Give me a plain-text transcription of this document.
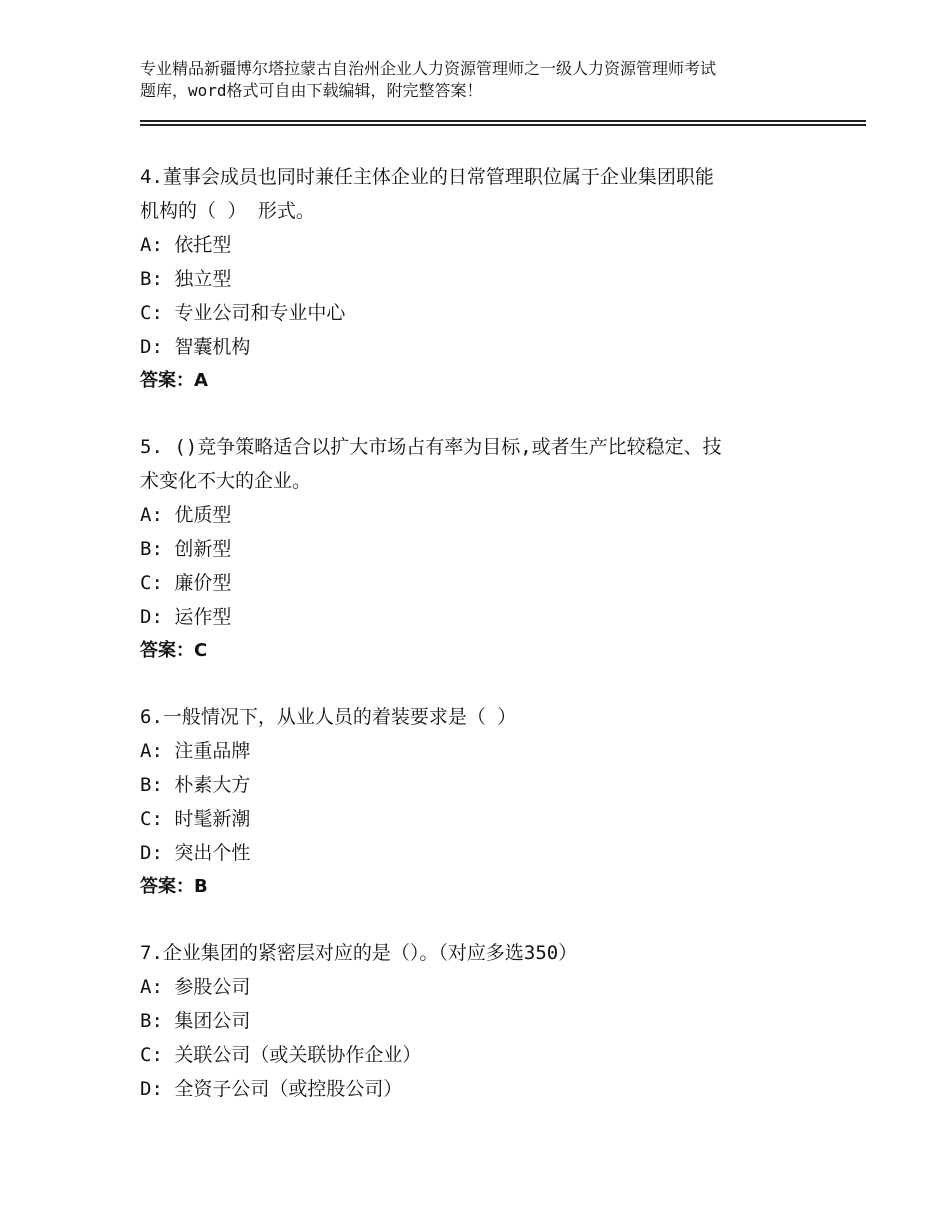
专业精品新疆博尔塔拉蒙古自治州企业人力资源管理师之一级人力资源管理师考试
题库，word格式可自由下载编辑，附完整答案！
4.董事会成员也同时兼任主体企业的日常管理职位属于企业集团职能
机构的（ ） 形式。
A: 依托型
B: 独立型
C: 专业公司和专业中心
D: 智囊机构
答案：A
5. ()竞争策略适合以扩大市场占有率为目标,或者生产比较稳定、技
术变化不大的企业。
A: 优质型
B: 创新型
C: 廉价型
D: 运作型
答案：C
6.一般情况下，从业人员的着装要求是（ ）
A: 注重品牌
B: 朴素大方
C: 时髦新潮
D: 突出个性
答案：B
7.企业集团的紧密层对应的是（）。（对应多选350）
A: 参股公司
B: 集团公司
C: 关联公司（或关联协作企业）
D: 全资子公司（或控股公司）
